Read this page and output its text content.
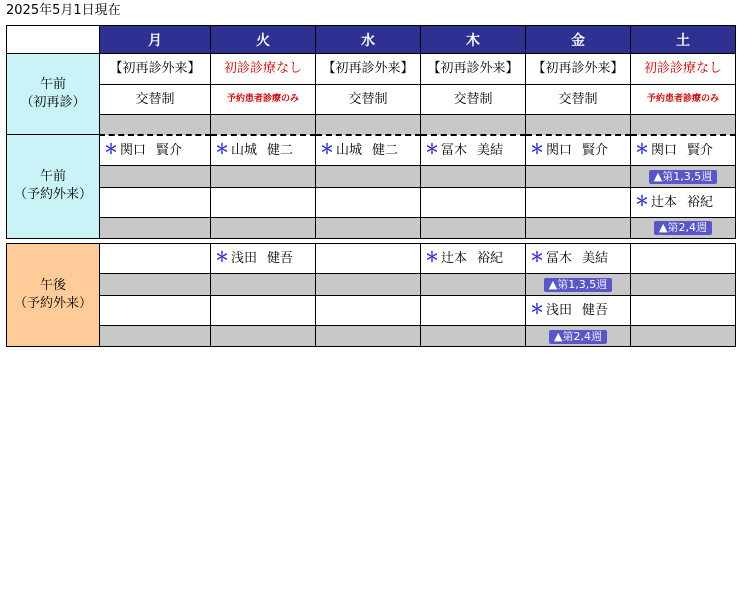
2025年5月1日現在
	月	火	水	木	金	土

午前
（初再診）	【初再診外来】	初診診療なし	【初再診外来】	【初再診外来】	【初再診外来】	初診診療なし
	交替制	予約患者診療のみ	交替制	交替制	交替制	予約患者診療のみ

午前
（予約外来）	＊ 関口 賢介	＊ 山城 健二	＊ 山城 健二	＊ 冨木 美結	＊ 関口 賢介	＊ 関口 賢介

						▲第1,3,5週

						＊ 辻本 裕紀

						▲第2,4週
午後
（予約外来）		＊ 浅田 健吾		＊ 辻本 裕紀	＊ 冨木 美結	

					▲第1,3,5週	

					＊ 浅田 健吾	

					▲第2,4週	
